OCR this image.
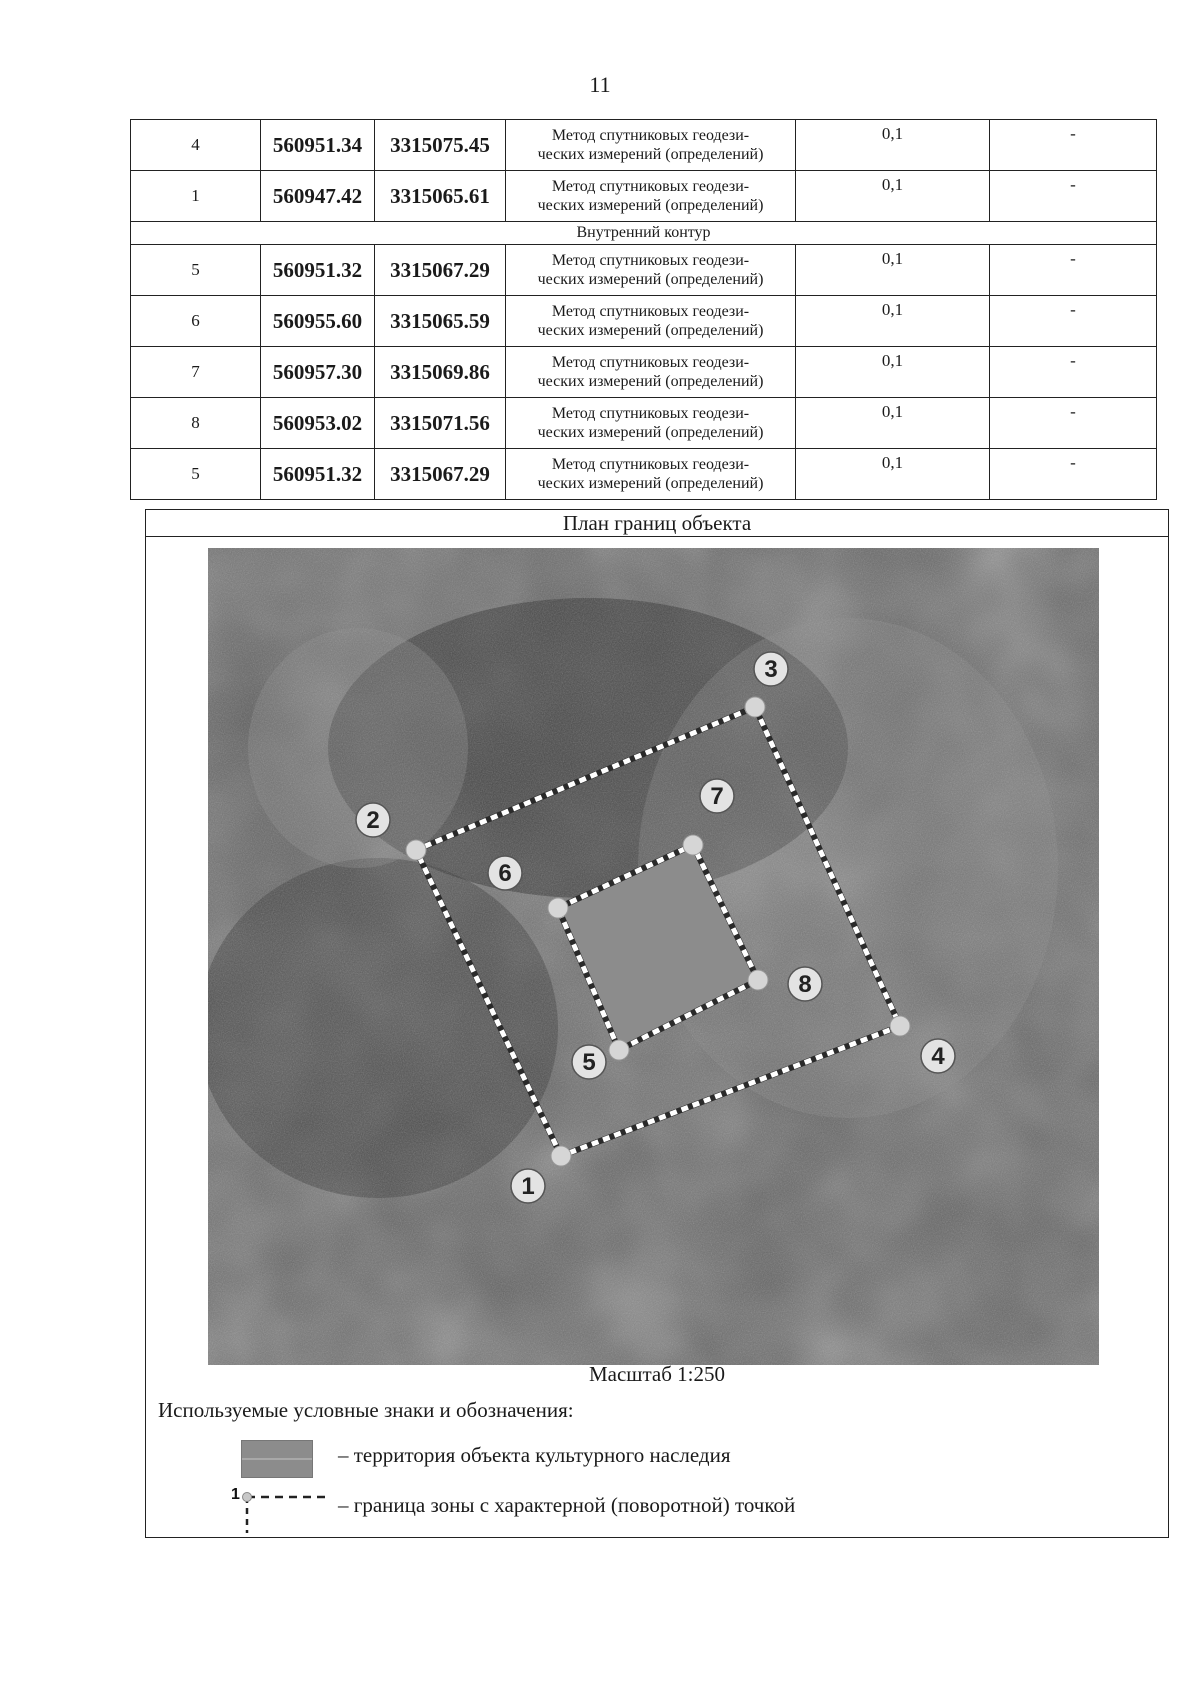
11
4	560951.34	3315075.45	Метод спутниковых геодези-
ческих измерений (определений)	0,1	-
1	560947.42	3315065.61	Метод спутниковых геодези-
ческих измерений (определений)	0,1	-
Внутренний контур					
5	560951.32	3315067.29	Метод спутниковых геодези-
ческих измерений (определений)	0,1	-
6	560955.60	3315065.59	Метод спутниковых геодези-
ческих измерений (определений)	0,1	-
7	560957.30	3315069.86	Метод спутниковых геодези-
ческих измерений (определений)	0,1	-
8	560953.02	3315071.56	Метод спутниковых геодези-
ческих измерений (определений)	0,1	-
5	560951.32	3315067.29	Метод спутниковых геодези-
ческих измерений (определений)	0,1	-
План границ объекта
1
2
3
4
5
6
7
8
Масштаб 1:250
Используемые условные знаки и обозначения:
– территория объекта культурного наследия
1	– граница зоны с характерной (поворотной) точкой
